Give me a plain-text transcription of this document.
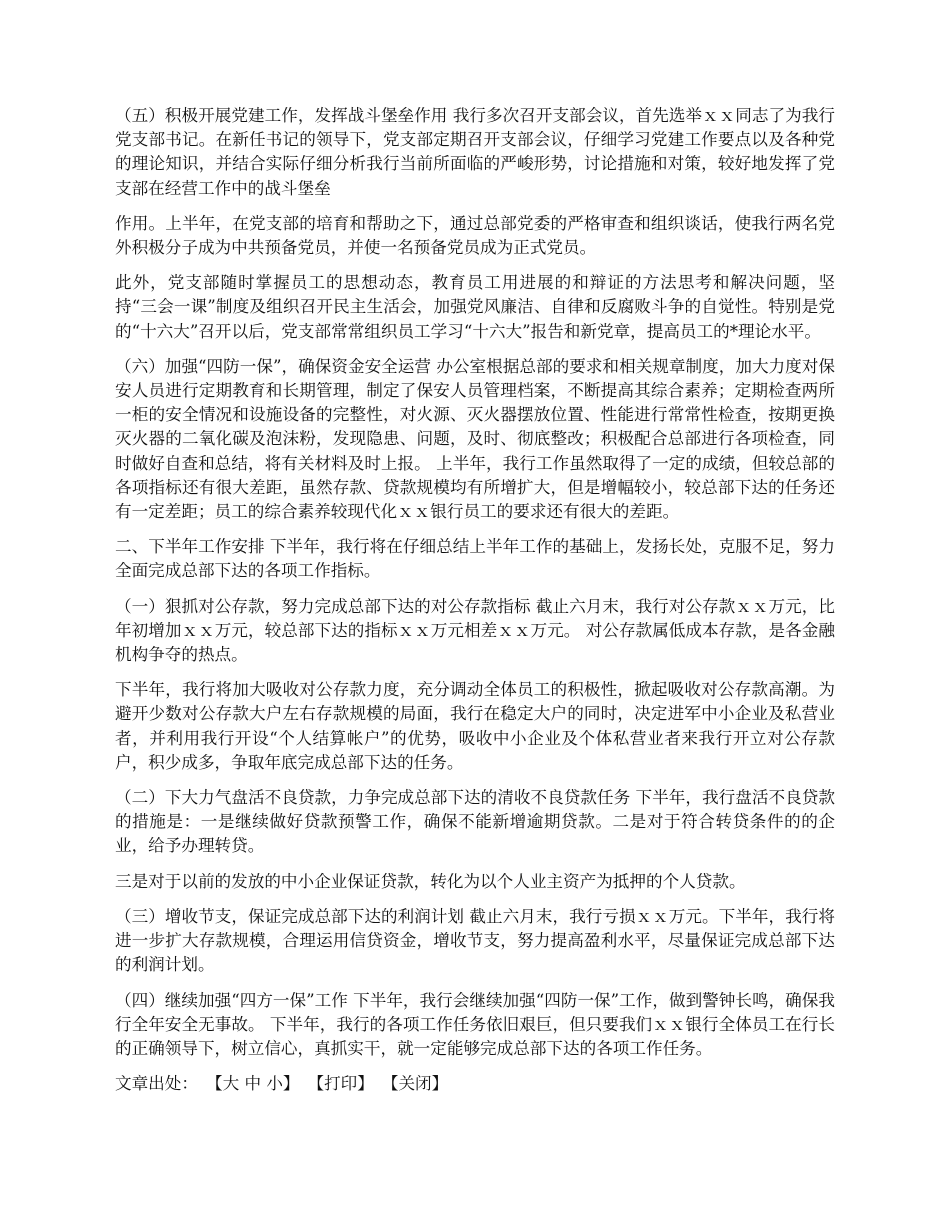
（五）积极开展党建工作，发挥战斗堡垒作用 我行多次召开支部会议，首先选举ｘｘ同志了为我行党支部书记。在新任书记的领导下，党支部定期召开支部会议，仔细学习党建工作要点以及各种党的理论知识，并结合实际仔细分析我行当前所面临的严峻形势，讨论措施和对策，较好地发挥了党支部在经营工作中的战斗堡垒

作用。上半年，在党支部的培育和帮助之下，通过总部党委的严格审查和组织谈话，使我行两名党外积极分子成为中共预备党员，并使一名预备党员成为正式党员。

此外，党支部随时掌握员工的思想动态，教育员工用进展的和辩证的方法思考和解决问题，坚持“三会一课”制度及组织召开民主生活会，加强党风廉洁、自律和反腐败斗争的自觉性。特别是党的“十六大”召开以后，党支部常常组织员工学习“十六大”报告和新党章，提高员工的*理论水平。

（六）加强“四防一保”，确保资金安全运营 办公室根据总部的要求和相关规章制度，加大力度对保安人员进行定期教育和长期管理，制定了保安人员管理档案，不断提高其综合素养；定期检查两所一柜的安全情况和设施设备的完整性，对火源、灭火器摆放位置、性能进行常常性检查，按期更换灭火器的二氧化碳及泡沫粉，发现隐患、问题，及时、彻底整改；积极配合总部进行各项检查，同时做好自查和总结，将有关材料及时上报。 上半年，我行工作虽然取得了一定的成绩，但较总部的各项指标还有很大差距，虽然存款、贷款规模均有所增扩大，但是增幅较小，较总部下达的任务还有一定差距；员工的综合素养较现代化ｘｘ银行员工的要求还有很大的差距。

二、下半年工作安排 下半年，我行将在仔细总结上半年工作的基础上，发扬长处，克服不足，努力全面完成总部下达的各项工作指标。

（一）狠抓对公存款，努力完成总部下达的对公存款指标 截止六月末，我行对公存款ｘｘ万元，比年初增加ｘｘ万元，较总部下达的指标ｘｘ万元相差ｘｘ万元。 对公存款属低成本存款，是各金融机构争夺的热点。

下半年，我行将加大吸收对公存款力度，充分调动全体员工的积极性，掀起吸收对公存款高潮。为避开少数对公存款大户左右存款规模的局面，我行在稳定大户的同时，决定进军中小企业及私营业者，并利用我行开设“个人结算帐户”的优势，吸收中小企业及个体私营业者来我行开立对公存款户，积少成多，争取年底完成总部下达的任务。

（二）下大力气盘活不良贷款，力争完成总部下达的清收不良贷款任务 下半年，我行盘活不良贷款的措施是：一是继续做好贷款预警工作，确保不能新增逾期贷款。二是对于符合转贷条件的的企业，给予办理转贷。

三是对于以前的发放的中小企业保证贷款，转化为以个人业主资产为抵押的个人贷款。

（三）增收节支，保证完成总部下达的利润计划 截止六月末，我行亏损ｘｘ万元。下半年，我行将进一步扩大存款规模，合理运用信贷资金，增收节支，努力提高盈利水平，尽量保证完成总部下达的利润计划。

（四）继续加强“四方一保”工作 下半年，我行会继续加强“四防一保”工作，做到警钟长鸣，确保我行全年安全无事故。 下半年，我行的各项工作任务依旧艰巨，但只要我们ｘｘ银行全体员工在行长的正确领导下，树立信心，真抓实干，就一定能够完成总部下达的各项工作任务。

文章出处： 【大 中 小】 【打印】 【关闭】
